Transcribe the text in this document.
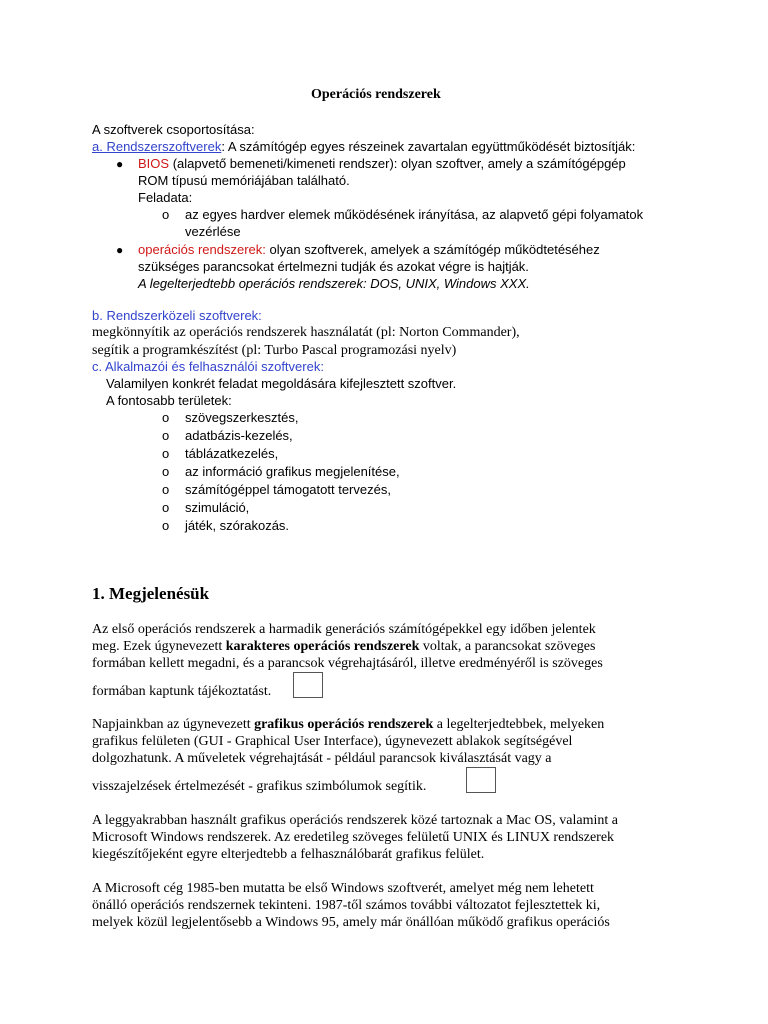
Operációs rendszerek
A szoftverek csoportosítása:
a. Rendszerszoftverek: A számítógép egyes részeinek zavartalan együttműködését biztosítják:
● BIOS (alapvető bemeneti/kimeneti rendszer): olyan szoftver, amely a számítógépgép
ROM típusú memóriájában található.
Feladata:
o az egyes hardver elemek működésének irányítása, az alapvető gépi folyamatok
vezérlése
● operációs rendszerek: olyan szoftverek, amelyek a számítógép működtetéséhez
szükséges parancsokat értelmezni tudják és azokat végre is hajtják.
A legelterjedtebb operációs rendszerek: DOS, UNIX, Windows XXX.
b. Rendszerközeli szoftverek:
megkönnyítik az operációs rendszerek használatát (pl: Norton Commander),
segítik a programkészítést (pl: Turbo Pascal programozási nyelv)
c. Alkalmazói és felhasználói szoftverek:
Valamilyen konkrét feladat megoldására kifejlesztett szoftver.
A fontosabb területek:
o szövegszerkesztés,
o adatbázis-kezelés,
o táblázatkezelés,
o az információ grafikus megjelenítése,
o számítógéppel támogatott tervezés,
o szimuláció,
o játék, szórakozás.
1. Megjelenésük
Az első operációs rendszerek a harmadik generációs számítógépekkel egy időben jelentek
meg. Ezek úgynevezett karakteres operációs rendszerek voltak, a parancsokat szöveges
formában kellett megadni, és a parancsok végrehajtásáról, illetve eredményéről is szöveges
formában kaptunk tájékoztatást.
Napjainkban az úgynevezett grafikus operációs rendszerek a legelterjedtebbek, melyeken
grafikus felületen (GUI - Graphical User Interface), úgynevezett ablakok segítségével
dolgozhatunk. A műveletek végrehajtását - például parancsok kiválasztását vagy a
visszajelzések értelmezését - grafikus szimbólumok segítik.
A leggyakrabban használt grafikus operációs rendszerek közé tartoznak a Mac OS, valamint a
Microsoft Windows rendszerek. Az eredetileg szöveges felületű UNIX és LINUX rendszerek
kiegészítőjeként egyre elterjedtebb a felhasználóbarát grafikus felület.
A Microsoft cég 1985-ben mutatta be első Windows szoftverét, amelyet még nem lehetett
önálló operációs rendszernek tekinteni. 1987-től számos további változatot fejlesztettek ki,
melyek közül legjelentősebb a Windows 95, amely már önállóan működő grafikus operációs
